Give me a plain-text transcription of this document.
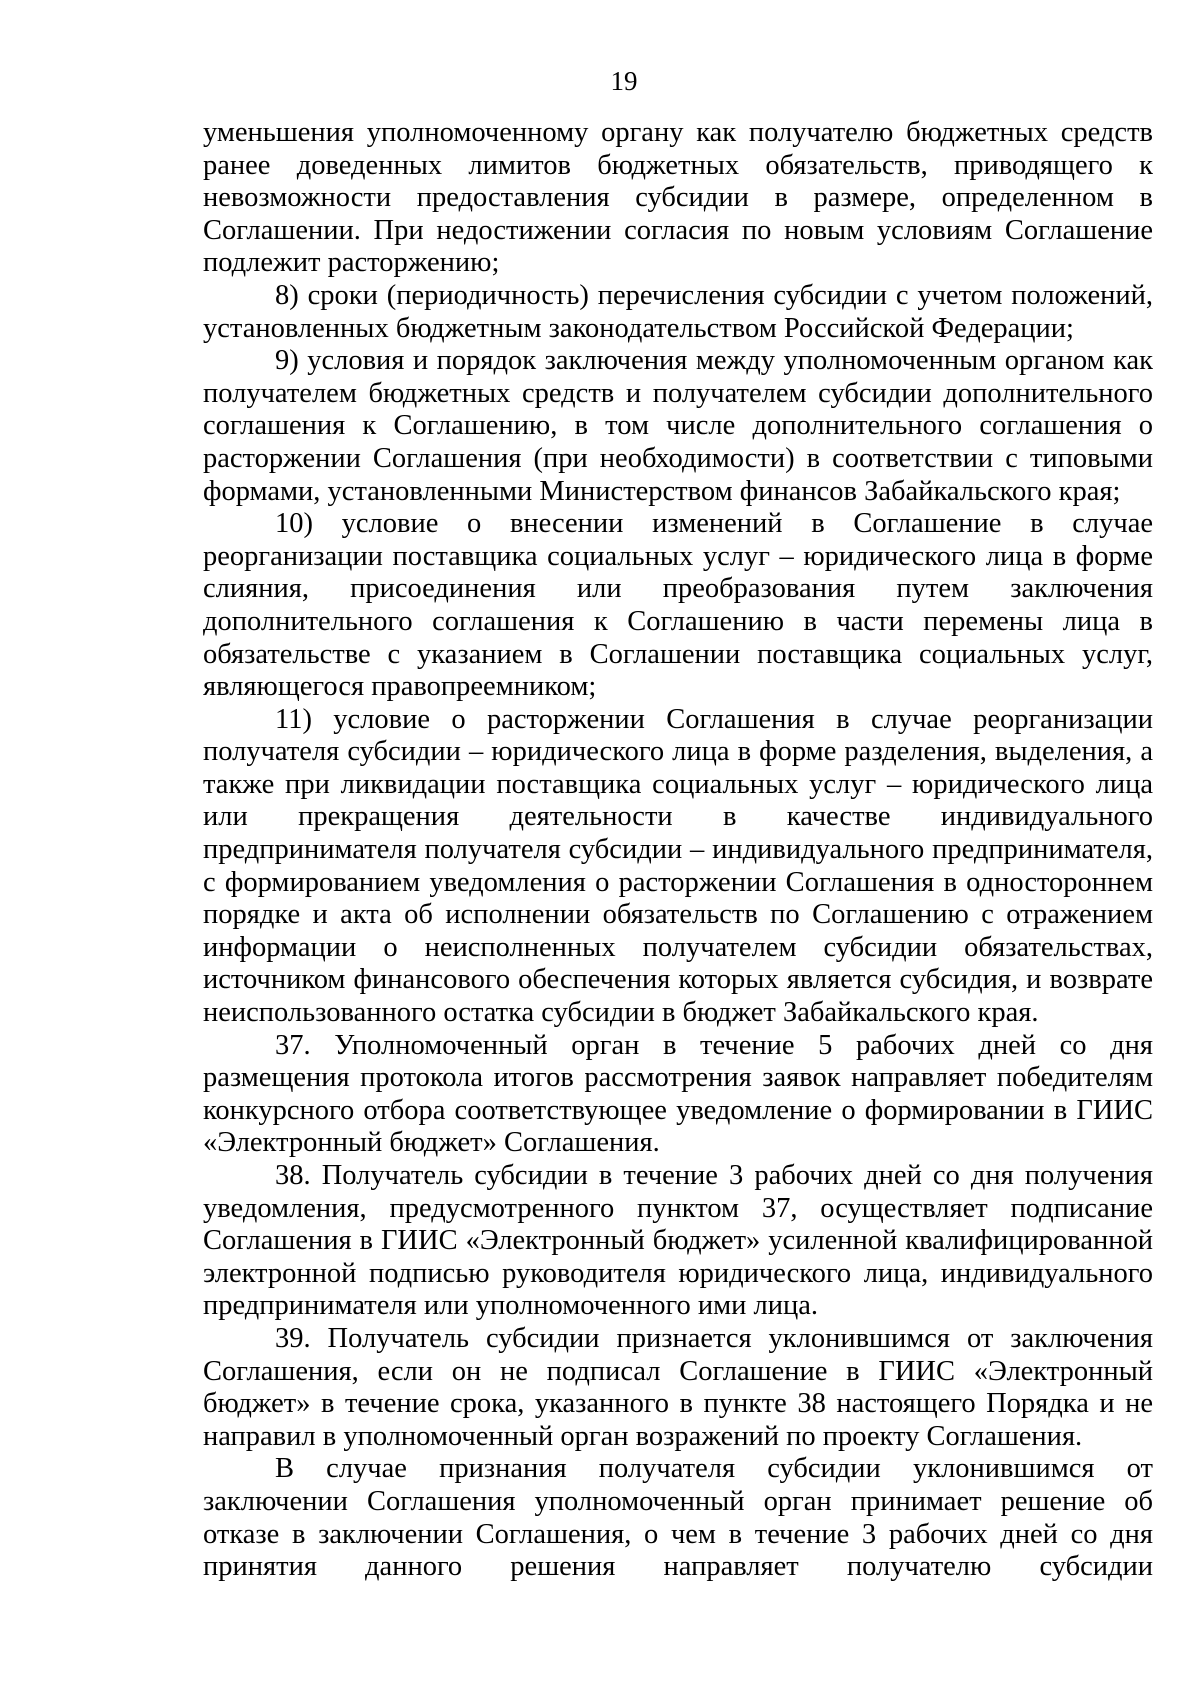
19

уменьшения уполномоченному органу как получателю бюджетных средств ранее доведенных лимитов бюджетных обязательств, приводящего к невозможности предоставления субсидии в размере, определенном в Соглашении. При недостижении согласия по новым условиям Соглашение подлежит расторжению;

8) сроки (периодичность) перечисления субсидии с учетом положений, установленных бюджетным законодательством Российской Федерации;

9) условия и порядок заключения между уполномоченным органом как получателем бюджетных средств и получателем субсидии дополнительного соглашения к Соглашению, в том числе дополнительного соглашения о расторжении Соглашения (при необходимости) в соответствии с типовыми формами, установленными Министерством финансов Забайкальского края;

10) условие о внесении изменений в Соглашение в случае реорганизации поставщика социальных услуг – юридического лица в форме слияния, присоединения или преобразования путем заключения дополнительного соглашения к Соглашению в части перемены лица в обязательстве с указанием в Соглашении поставщика социальных услуг, являющегося правопреемником;

11) условие о расторжении Соглашения в случае реорганизации получателя субсидии – юридического лица в форме разделения, выделения, а также при ликвидации поставщика социальных услуг – юридического лица или прекращения деятельности в качестве индивидуального предпринимателя получателя субсидии – индивидуального предпринимателя, с формированием уведомления о расторжении Соглашения в одностороннем порядке и акта об исполнении обязательств по Соглашению с отражением информации о неисполненных получателем субсидии обязательствах, источником финансового обеспечения которых является субсидия, и возврате неиспользованного остатка субсидии в бюджет Забайкальского края.

37. Уполномоченный орган в течение 5 рабочих дней со дня размещения протокола итогов рассмотрения заявок направляет победителям конкурсного отбора соответствующее уведомление о формировании в ГИИС «Электронный бюджет» Соглашения.

38. Получатель субсидии в течение 3 рабочих дней со дня получения уведомления, предусмотренного пунктом 37, осуществляет подписание Соглашения в ГИИС «Электронный бюджет» усиленной квалифицированной электронной подписью руководителя юридического лица, индивидуального предпринимателя или уполномоченного ими лица.

39. Получатель субсидии признается уклонившимся от заключения Соглашения, если он не подписал Соглашение в ГИИС «Электронный бюджет» в течение срока, указанного в пункте 38 настоящего Порядка и не направил в уполномоченный орган возражений по проекту Соглашения.

В случае признания получателя субсидии уклонившимся от заключении Соглашения уполномоченный орган принимает решение об отказе в заключении Соглашения, о чем в течение 3 рабочих дней со дня принятия данного решения направляет получателю субсидии
